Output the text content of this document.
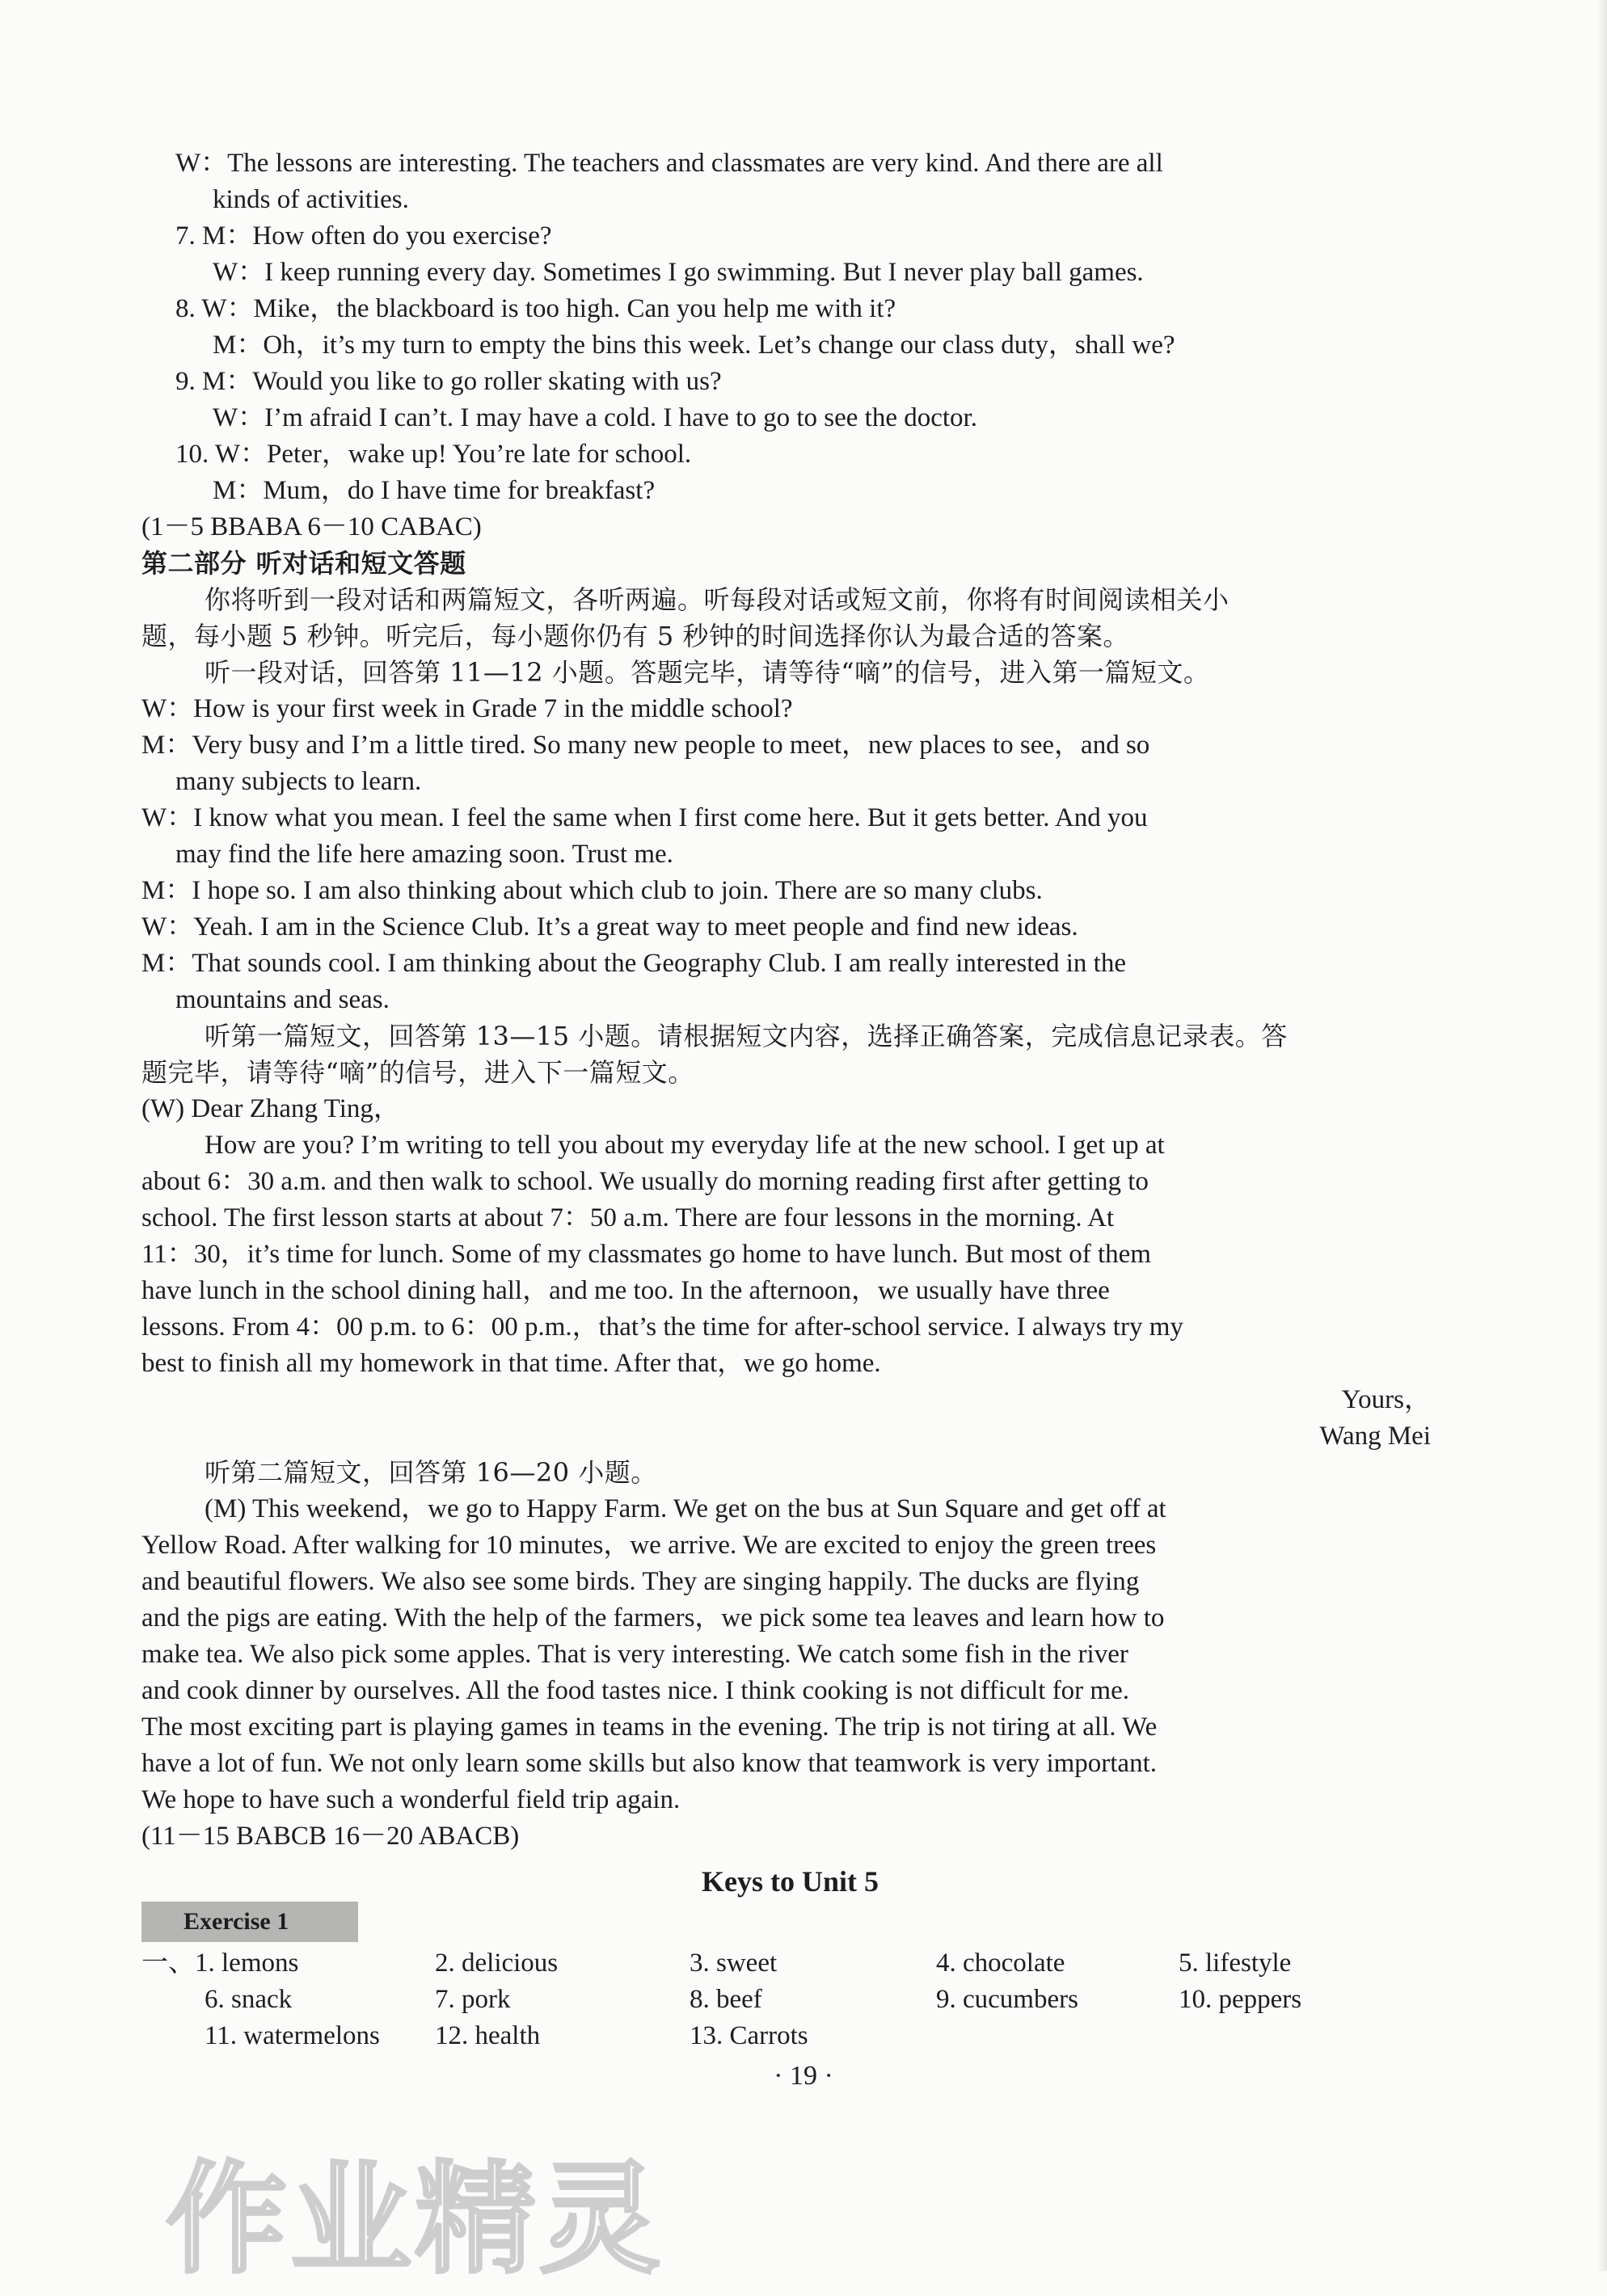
W：The lessons are interesting. The teachers and classmates are very kind. And there are all
kinds of activities.
7. M：How often do you exercise?
W：I keep running every day. Sometimes I go swimming. But I never play ball games.
8. W：Mike，the blackboard is too high. Can you help me with it?
M：Oh，it’s my turn to empty the bins this week. Let’s change our class duty，shall we?
9. M：Would you like to go roller skating with us?
W：I’m afraid I can’t. I may have a cold. I have to go to see the doctor.
10. W：Peter，wake up! You’re late for school.
M：Mum，do I have time for breakfast?
(1－5 BBABA 6－10 CABAC)
第二部分 听对话和短文答题
你将听到一段对话和两篇短文，各听两遍。听每段对话或短文前，你将有时间阅读相关小
题，每小题 5 秒钟。听完后，每小题你仍有 5 秒钟的时间选择你认为最合适的答案。
听一段对话，回答第 11—12 小题。答题完毕，请等待“嘀”的信号，进入第一篇短文。
W：How is your first week in Grade 7 in the middle school?
M：Very busy and I’m a little tired. So many new people to meet，new places to see，and so
many subjects to learn.
W：I know what you mean. I feel the same when I first come here. But it gets better. And you
may find the life here amazing soon. Trust me.
M：I hope so. I am also thinking about which club to join. There are so many clubs.
W：Yeah. I am in the Science Club. It’s a great way to meet people and find new ideas.
M：That sounds cool. I am thinking about the Geography Club. I am really interested in the
mountains and seas.
听第一篇短文，回答第 13—15 小题。请根据短文内容，选择正确答案，完成信息记录表。答
题完毕，请等待“嘀”的信号，进入下一篇短文。
(W) Dear Zhang Ting，
How are you? I’m writing to tell you about my everyday life at the new school. I get up at
about 6：30 a.m. and then walk to school. We usually do morning reading first after getting to
school. The first lesson starts at about 7：50 a.m. There are four lessons in the morning. At
11：30，it’s time for lunch. Some of my classmates go home to have lunch. But most of them
have lunch in the school dining hall，and me too. In the afternoon，we usually have three
lessons. From 4：00 p.m. to 6：00 p.m.，that’s the time for after-school service. I always try my
best to finish all my homework in that time. After that，we go home.
Yours，
Wang Mei
听第二篇短文，回答第 16—20 小题。
(M) This weekend，we go to Happy Farm. We get on the bus at Sun Square and get off at
Yellow Road. After walking for 10 minutes，we arrive. We are excited to enjoy the green trees
and beautiful flowers. We also see some birds. They are singing happily. The ducks are flying
and the pigs are eating. With the help of the farmers，we pick some tea leaves and learn how to
make tea. We also pick some apples. That is very interesting. We catch some fish in the river
and cook dinner by ourselves. All the food tastes nice. I think cooking is not difficult for me.
The most exciting part is playing games in teams in the evening. The trip is not tiring at all. We
have a lot of fun. We not only learn some skills but also know that teamwork is very important.
We hope to have such a wonderful field trip again.
(11－15 BABCB 16－20 ABACB)
Keys to Unit 5
Exercise 1
一、1. lemons	2. delicious	3. sweet	4. chocolate	5. lifestyle
6. snack	7. pork	8. beef	9. cucumbers	10. peppers
11. watermelons 12. health	13. Carrots
· 19 ·
作业精灵
